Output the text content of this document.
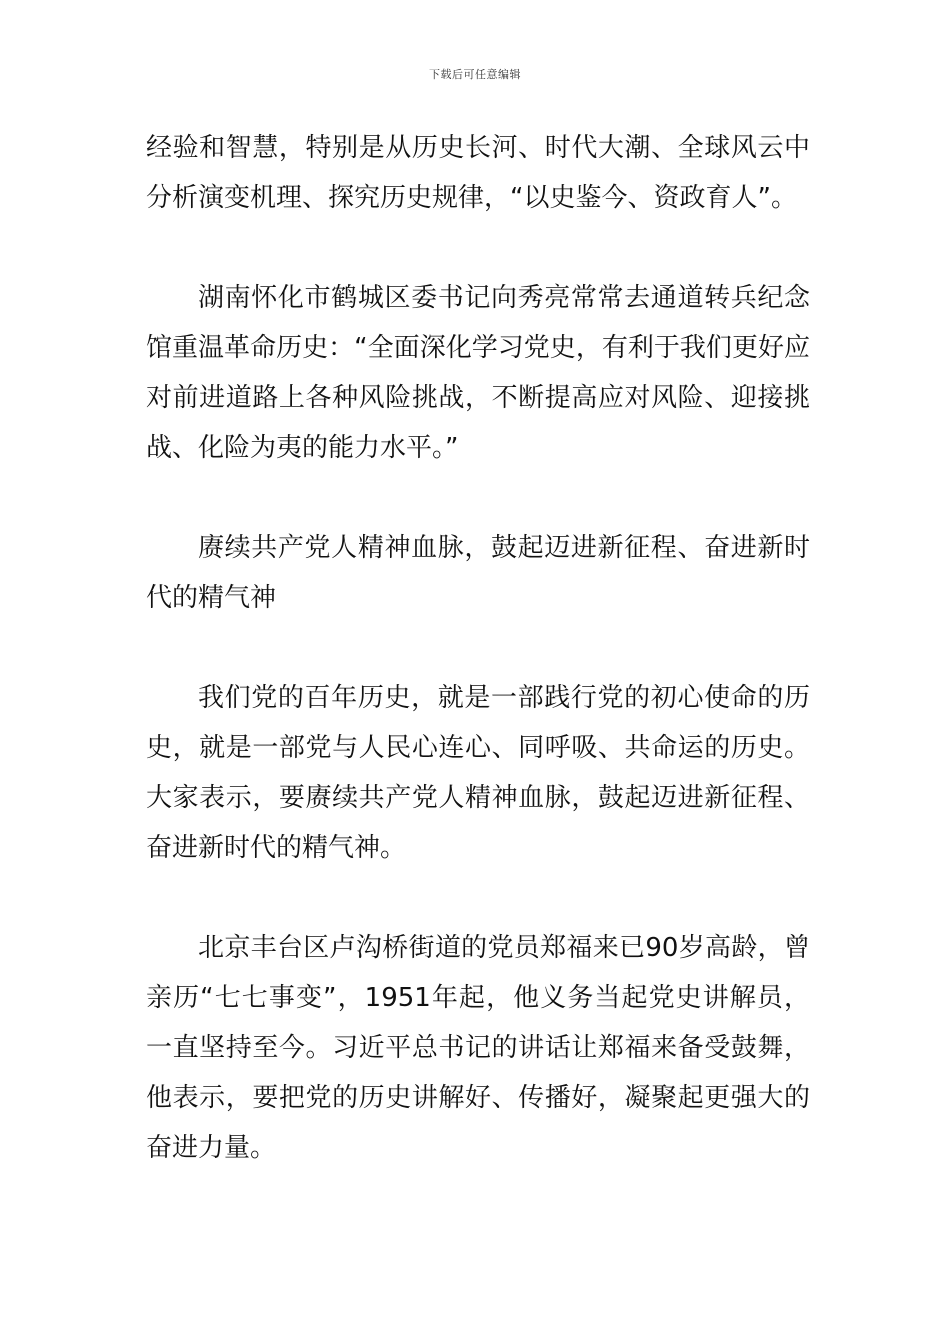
下载后可任意编辑

经验和智慧，特别是从历史长河、时代大潮、全球风云中分析演变机理、探究历史规律，“以史鉴今、资政育人”。

湖南怀化市鹤城区委书记向秀亮常常去通道转兵纪念馆重温革命历史：“全面深化学习党史，有利于我们更好应对前进道路上各种风险挑战，不断提高应对风险、迎接挑战、化险为夷的能力水平。”

赓续共产党人精神血脉，鼓起迈进新征程、奋进新时代的精气神

我们党的百年历史，就是一部践行党的初心使命的历史，就是一部党与人民心连心、同呼吸、共命运的历史。大家表示，要赓续共产党人精神血脉，鼓起迈进新征程、奋进新时代的精气神。

北京丰台区卢沟桥街道的党员郑福来已90岁高龄，曾亲历“七七事变”，1951年起，他义务当起党史讲解员，一直坚持至今。习近平总书记的讲话让郑福来备受鼓舞，他表示，要把党的历史讲解好、传播好，凝聚起更强大的奋进力量。
